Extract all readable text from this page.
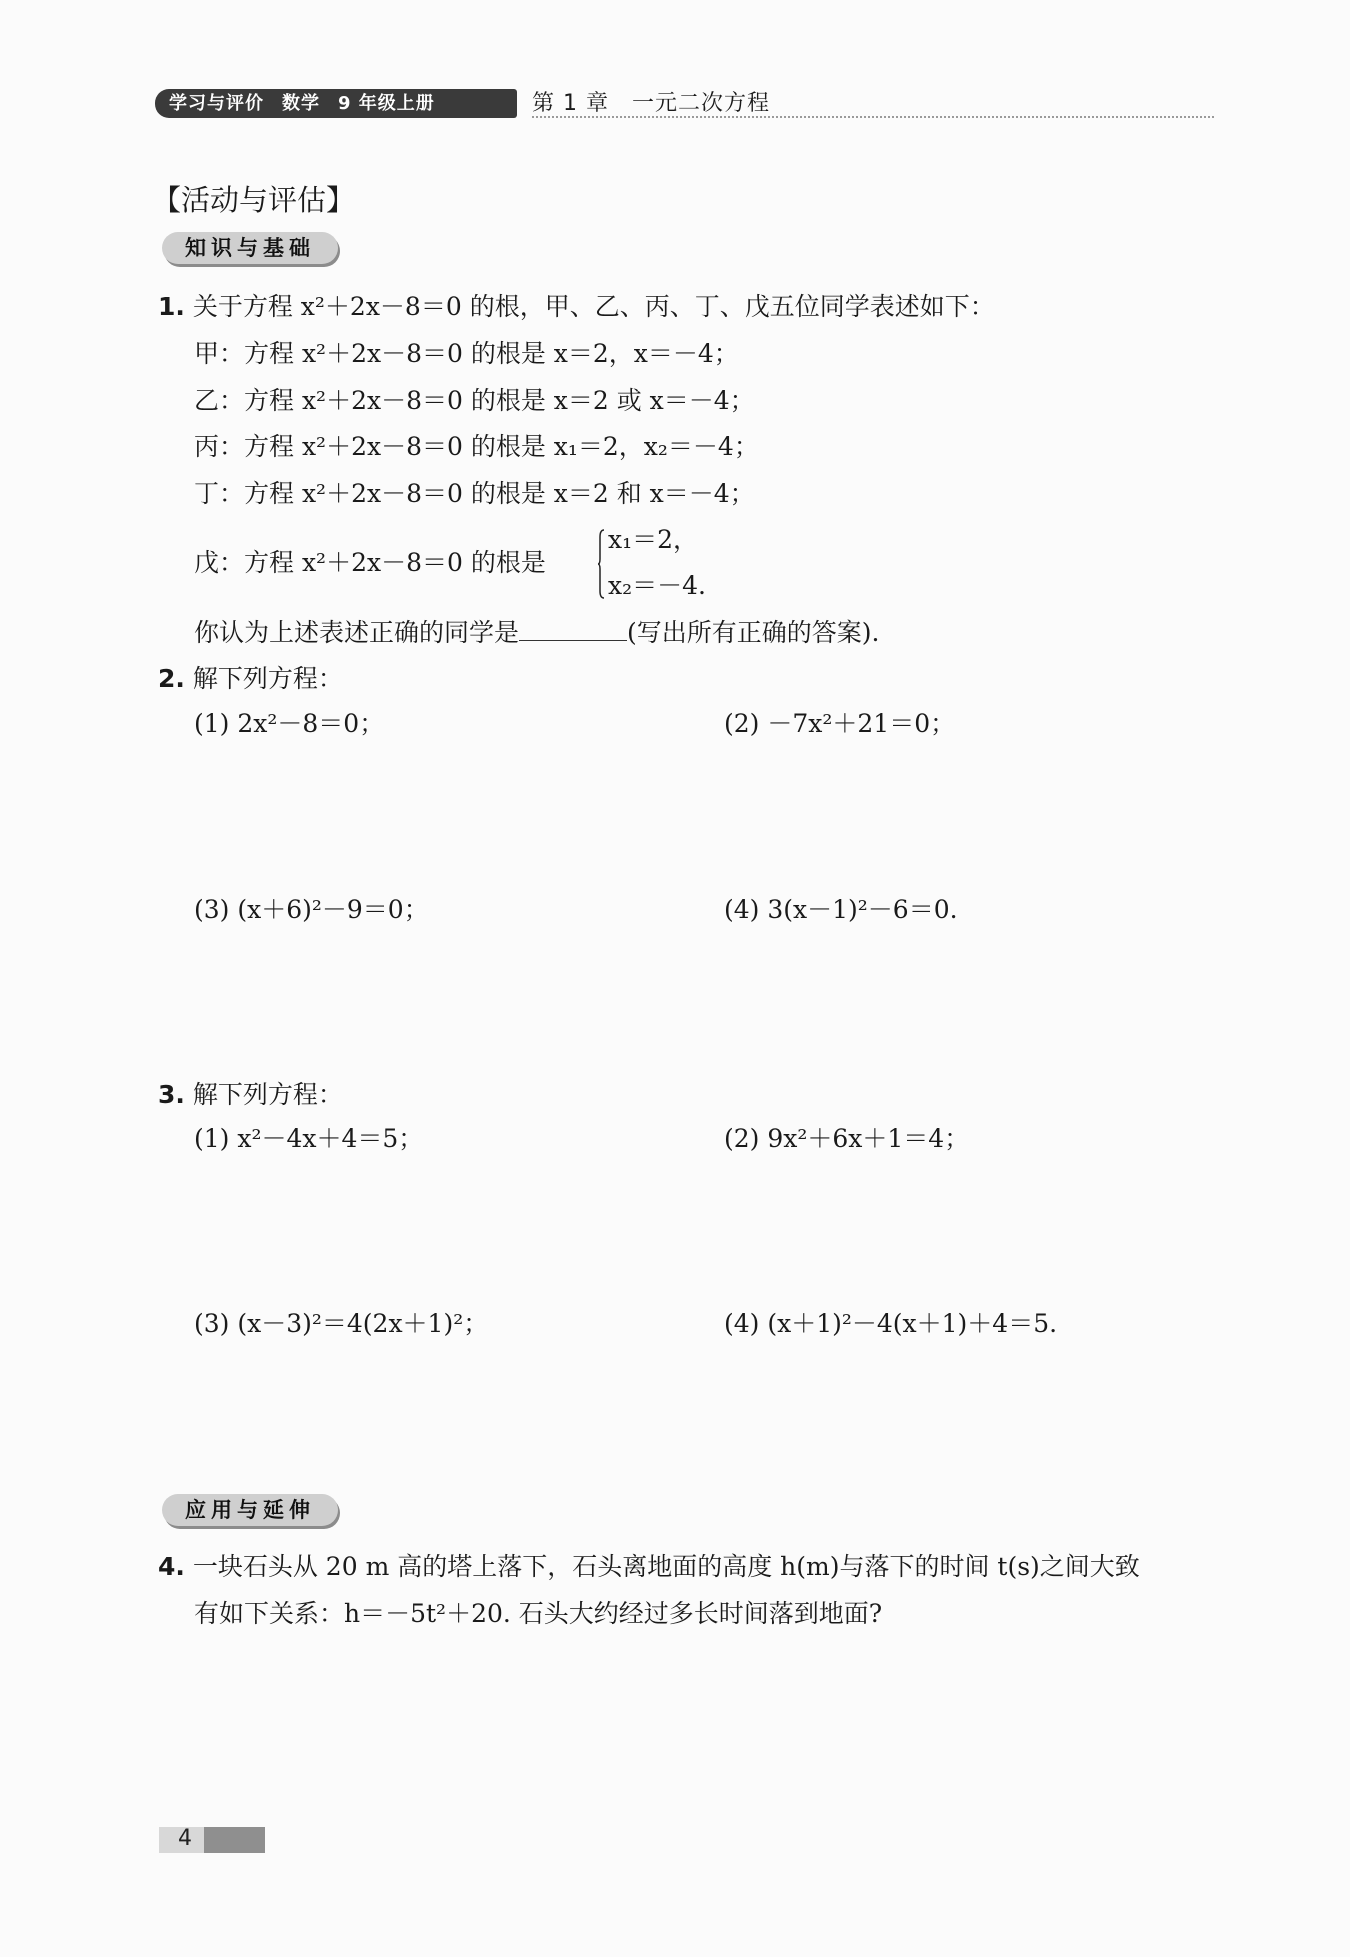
学习与评价 数学 9 年级上册	第 1 章　一元二次方程
【活动与评估】
知识与基础
1. 关于方程 x²＋2x－8＝0 的根，甲、乙、丙、丁、戊五位同学表述如下：
甲：方程 x²＋2x－8＝0 的根是 x＝2，x＝－4；
乙：方程 x²＋2x－8＝0 的根是 x＝2 或 x＝－4；
丙：方程 x²＋2x－8＝0 的根是 x₁＝2，x₂＝－4；
丁：方程 x²＋2x－8＝0 的根是 x＝2 和 x＝－4；
戊：方程 x²＋2x－8＝0 的根是
x₁＝2，
x₂＝－4.
你认为上述表述正确的同学是	(写出所有正确的答案).
2. 解下列方程：
(1) 2x²－8＝0；	(2) －7x²＋21＝0；
(3) (x＋6)²－9＝0；	(4) 3(x－1)²－6＝0.
3. 解下列方程：
(1) x²－4x＋4＝5；	(2) 9x²＋6x＋1＝4；
(3) (x－3)²＝4(2x＋1)²；	(4) (x＋1)²－4(x＋1)＋4＝5.
应用与延伸
4. 一块石头从 20 m 高的塔上落下，石头离地面的高度 h(m)与落下的时间 t(s)之间大致
有如下关系：h＝－5t²＋20. 石头大约经过多长时间落到地面?
4
